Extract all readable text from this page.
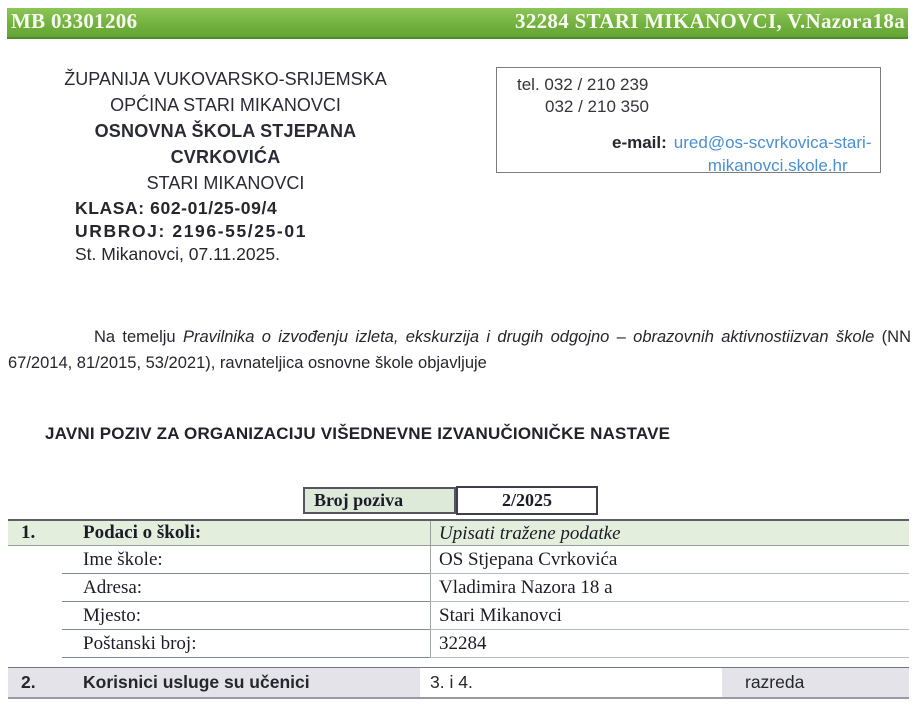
MB 03301206	32284 STARI MIKANOVCI, V.Nazora18a
ŽUPANIJA VUKOVARSKO-SRIJEMSKA
OPĆINA STARI MIKANOVCI
OSNOVNA ŠKOLA STJEPANA CVRKOVIĆA
STARI MIKANOVCI
tel. 032 / 210 239
032 / 210 350
e-mail: ured@os-scvrkovica-stari-
mikanovci.skole.hr
KLASA: 602-01/25-09/4
URBROJ: 2196-55/25-01
St. Mikanovci, 07.11.2025.
Na temelju Pravilnika o izvođenju izleta, ekskurzija i drugih odgojno – obrazovnih aktivnostiizvan škole (NN 67/2014, 81/2015, 53/2021), ravnateljica osnovne škole objavljuje
JAVNI POZIV ZA ORGANIZACIJU VIŠEDNEVNE IZVANUČIONIČKE NASTAVE
Broj poziva	2/2025
1.	Podaci o školi:	Upisati tražene podatke
Ime škole:	OS Stjepana Cvrkovića
Adresa:	Vladimira Nazora 18 a
Mjesto:	Stari Mikanovci
Poštanski broj:	32284
2.	Korisnici usluge su učenici	3. i 4.	razreda
